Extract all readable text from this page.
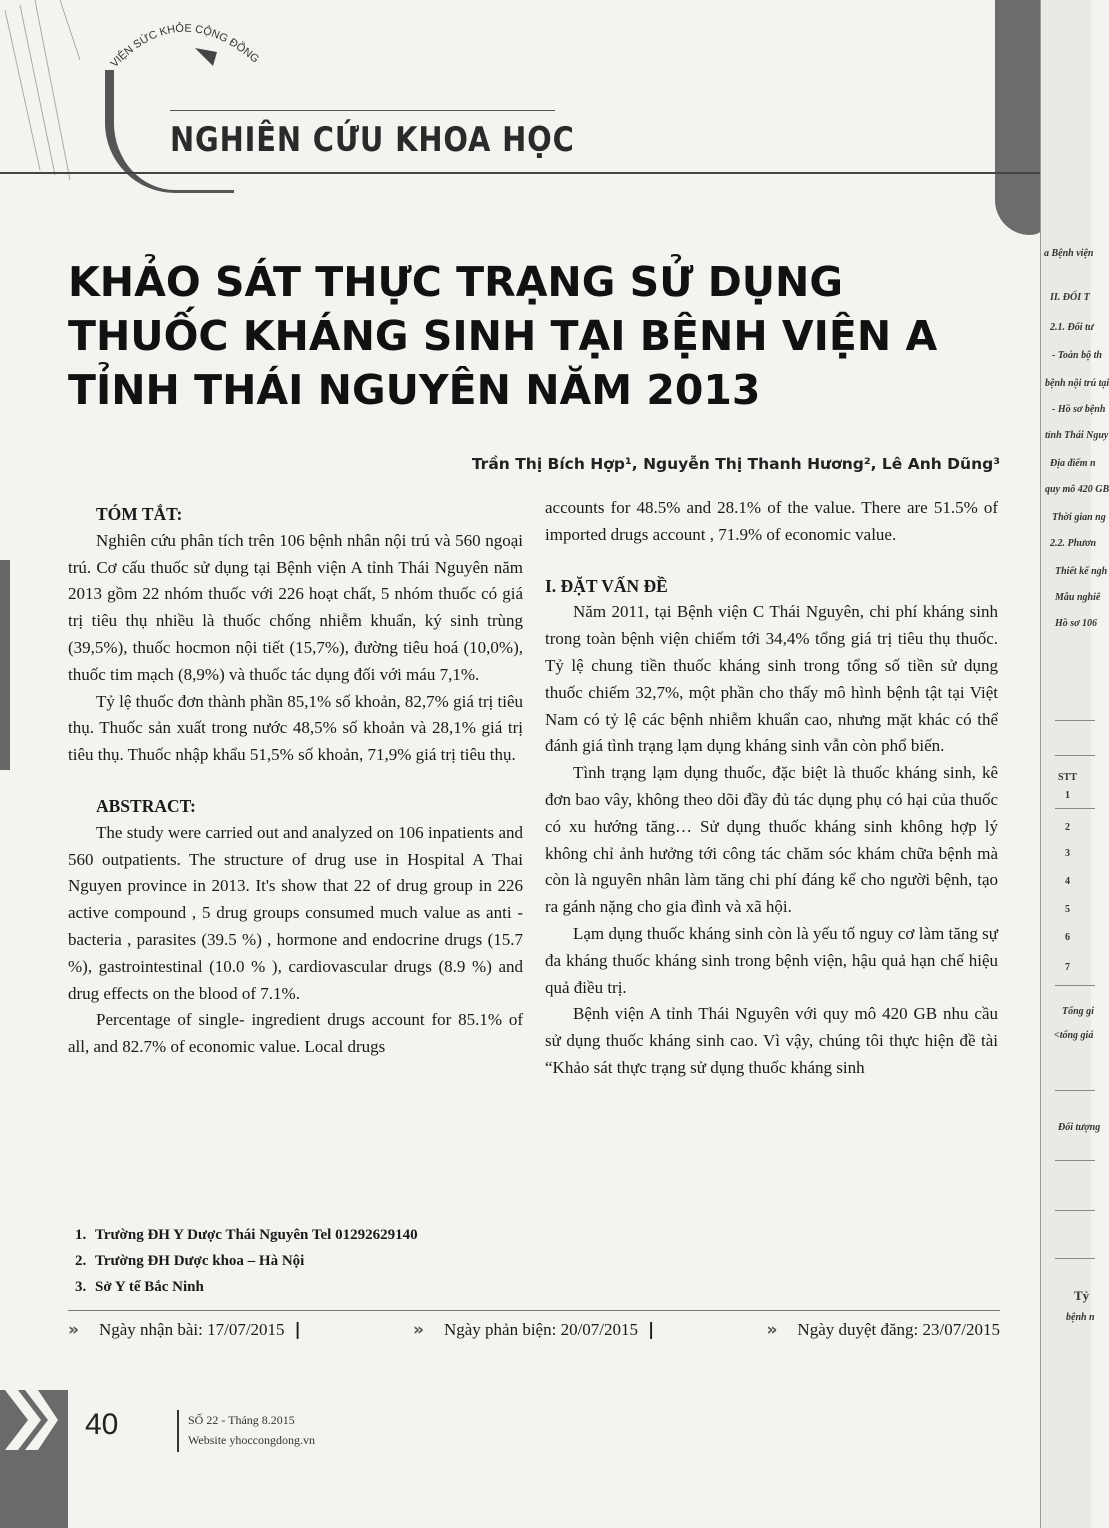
VIỆN SỨC KHỎE CỘNG ĐỒNG
NGHIÊN CỨU KHOA HỌC
KHẢO SÁT THỰC TRẠNG SỬ DỤNG
THUỐC KHÁNG SINH TẠI BỆNH VIỆN A
TỈNH THÁI NGUYÊN NĂM 2013
Trần Thị Bích Hợp¹, Nguyễn Thị Thanh Hương², Lê Anh Dũng³
TÓM TẮT:

Nghiên cứu phân tích trên 106 bệnh nhân nội trú và 560 ngoại trú. Cơ cấu thuốc sử dụng tại Bệnh viện A tỉnh Thái Nguyên năm 2013 gồm 22 nhóm thuốc với 226 hoạt chất, 5 nhóm thuốc có giá trị tiêu thụ nhiều là thuốc chống nhiễm khuẩn, ký sinh trùng (39,5%), thuốc hocmon nội tiết (15,7%), đường tiêu hoá (10,0%), thuốc tim mạch (8,9%) và thuốc tác dụng đối với máu 7,1%.

Tỷ lệ thuốc đơn thành phần 85,1% số khoản, 82,7% giá trị tiêu thụ. Thuốc sản xuất trong nước 48,5% số khoản và 28,1% giá trị tiêu thụ. Thuốc nhập khẩu 51,5% số khoản, 71,9% giá trị tiêu thụ.

ABSTRACT:

The study were carried out and analyzed on 106 inpatients and 560 outpatients. The structure of drug use in Hospital A Thai Nguyen province in 2013. It's show that 22 of drug group in 226 active compound , 5 drug groups consumed much value as anti -bacteria , parasites (39.5 %) , hormone and endocrine drugs (15.7 %), gastrointestinal (10.0 % ), cardiovascular drugs (8.9 %) and drug effects on the blood of 7.1%.

Percentage of single- ingredient drugs account for 85.1% of all, and 82.7% of economic value. Local drugs

accounts for 48.5% and 28.1% of the value. There are 51.5% of imported drugs account , 71.9% of economic value.

I. ĐẶT VẤN ĐỀ

Năm 2011, tại Bệnh viện C Thái Nguyên, chi phí kháng sinh trong toàn bệnh viện chiếm tới 34,4% tổng giá trị tiêu thụ thuốc. Tỷ lệ chung tiền thuốc kháng sinh trong tổng số tiền sử dụng thuốc chiếm 32,7%, một phần cho thấy mô hình bệnh tật tại Việt Nam có tỷ lệ các bệnh nhiễm khuẩn cao, nhưng mặt khác có thể đánh giá tình trạng lạm dụng kháng sinh vẫn còn phổ biến.

Tình trạng lạm dụng thuốc, đặc biệt là thuốc kháng sinh, kê đơn bao vây, không theo dõi đầy đủ tác dụng phụ có hại của thuốc có xu hướng tăng… Sử dụng thuốc kháng sinh không hợp lý không chỉ ảnh hưởng tới công tác chăm sóc khám chữa bệnh mà còn là nguyên nhân làm tăng chi phí đáng kể cho người bệnh, tạo ra gánh nặng cho gia đình và xã hội.

Lạm dụng thuốc kháng sinh còn là yếu tố nguy cơ làm tăng sự đa kháng thuốc kháng sinh trong bệnh viện, hậu quả hạn chế hiệu quả điều trị.

Bệnh viện A tỉnh Thái Nguyên với quy mô 420 GB nhu cầu sử dụng thuốc kháng sinh cao. Vì vậy, chúng tôi thực hiện đề tài “Khảo sát thực trạng sử dụng thuốc kháng sinh

1. Trường ĐH Y Dược Thái Nguyên Tel 01292629140
2. Trường ĐH Dược khoa – Hà Nội
3. Sở Y tế Bắc Ninh
» Ngày nhận bài: 17/07/2015 |	» Ngày phản biện: 20/07/2015 |	» Ngày duyệt đăng: 23/07/2015
40	SỐ 22 - Tháng 8.2015
Website yhoccongdong.vn
a Bệnh viện
II. ĐỐI T
2.1. Đối tư
- Toàn bộ th
bệnh nội trú tại
- Hồ sơ bệnh
tỉnh Thái Nguy
Địa điểm n
quy mô 420 GB
Thời gian ng
2.2. Phươn
Thiết kế ngh
Mẫu nghiê
Hồ sơ 106
STT
1
2
3
4
5
6
7
Tổng gi
<tổng giá
Đối tượng
Tỷ
bệnh n
